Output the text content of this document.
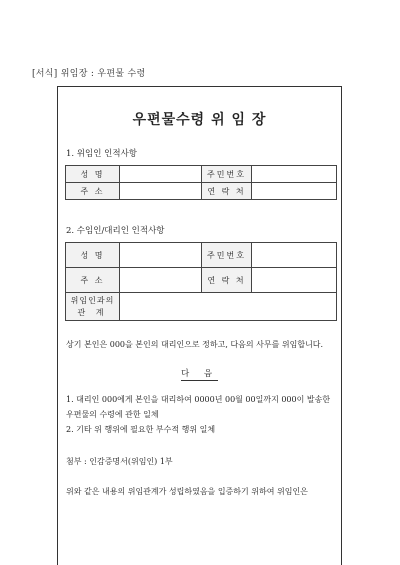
[서식] 위임장 : 우편물 수령
우편물수령 위 임 장
1. 위임인 인적사항
성 명		주민번호	
주 소		연 락 처	
2. 수임인/대리인 인적사항
성 명		주민번호	
주 소		연 락 처	

위임인과의
관 계			

상기 본인은 000을 본인의 대리인으로 정하고, 다음의 사무를 위임합니다.
다 음
1. 대리인 000에게 본인을 대리하여 0000년 00월 00일까지 000이 발송한 우편물의 수령에 관한 일체
2. 기타 위 행위에 필요한 부수적 행위 일체
첨부 : 인감증명서(위임인) 1부
위와 같은 내용의 위임관계가 성립하였음을 입증하기 위하여 위임인은
